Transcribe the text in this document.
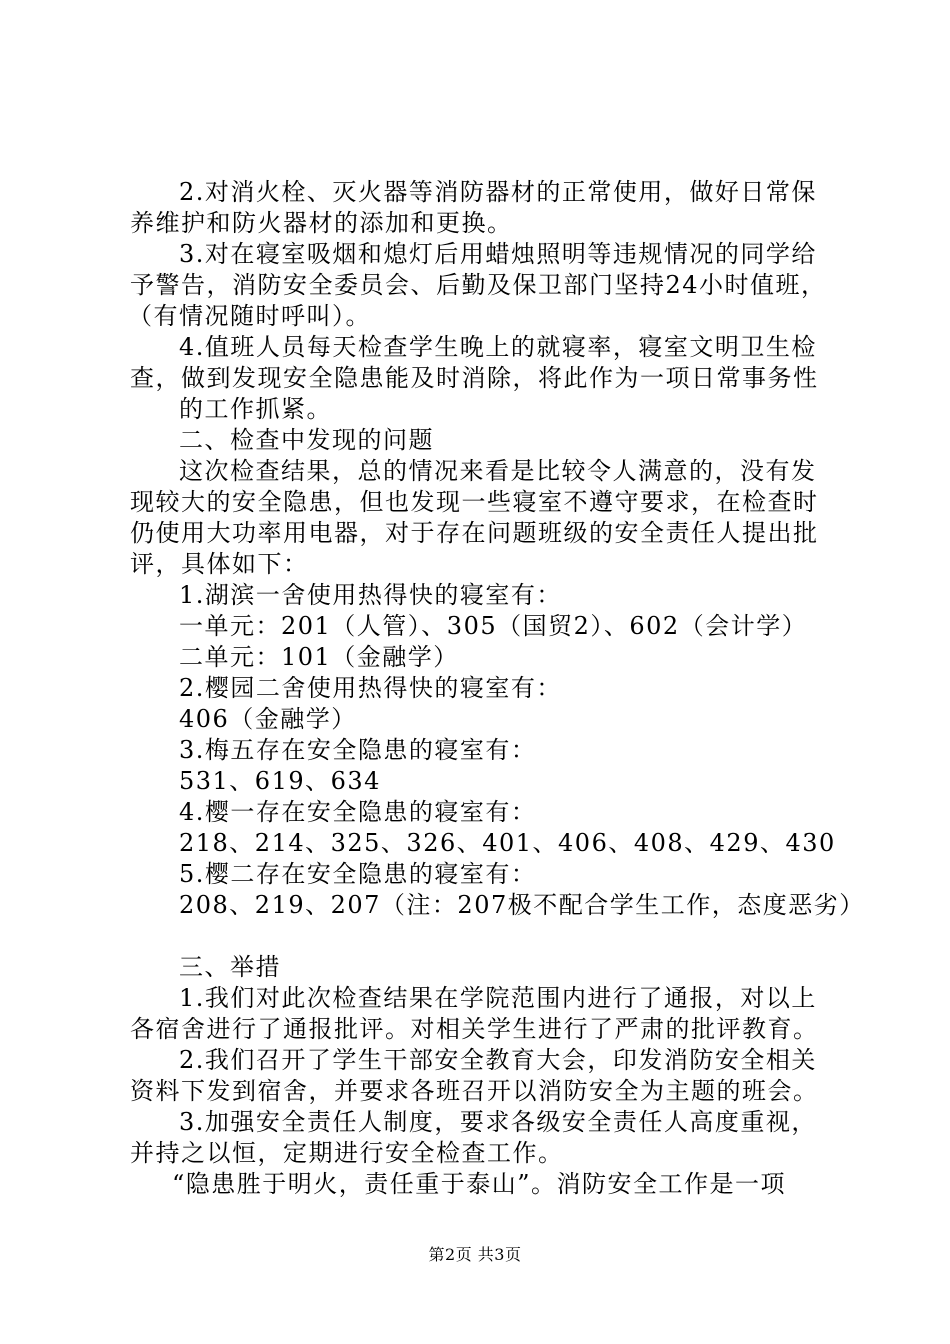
2.对消火栓、灭火器等消防器材的正常使用，做好日常保
养维护和防火器材的添加和更换。
3.对在寝室吸烟和熄灯后用蜡烛照明等违规情况的同学给
予警告，消防安全委员会、后勤及保卫部门坚持24小时值班，
（有情况随时呼叫）。
4.值班人员每天检查学生晚上的就寝率，寝室文明卫生检
查，做到发现安全隐患能及时消除，将此作为一项日常事务性
的工作抓紧。
二、检查中发现的问题
这次检查结果，总的情况来看是比较令人满意的，没有发
现较大的安全隐患，但也发现一些寝室不遵守要求，在检查时
仍使用大功率用电器，对于存在问题班级的安全责任人提出批
评，具体如下：
1.湖滨一舍使用热得快的寝室有：
一单元：201（人管）、305（国贸2）、602（会计学）
二单元：101（金融学）
2.樱园二舍使用热得快的寝室有：
406（金融学）
3.梅五存在安全隐患的寝室有：
531、619、634
4.樱一存在安全隐患的寝室有：
218、214、325、326、401、406、408、429、430
5.樱二存在安全隐患的寝室有：
208、219、207（注：207极不配合学生工作，态度恶劣）
三、举措
1.我们对此次检查结果在学院范围内进行了通报，对以上
各宿舍进行了通报批评。对相关学生进行了严肃的批评教育。
2.我们召开了学生干部安全教育大会，印发消防安全相关
资料下发到宿舍，并要求各班召开以消防安全为主题的班会。
3.加强安全责任人制度，要求各级安全责任人高度重视，
并持之以恒，定期进行安全检查工作。
“隐患胜于明火，责任重于泰山”。消防安全工作是一项
第2页 共3页
